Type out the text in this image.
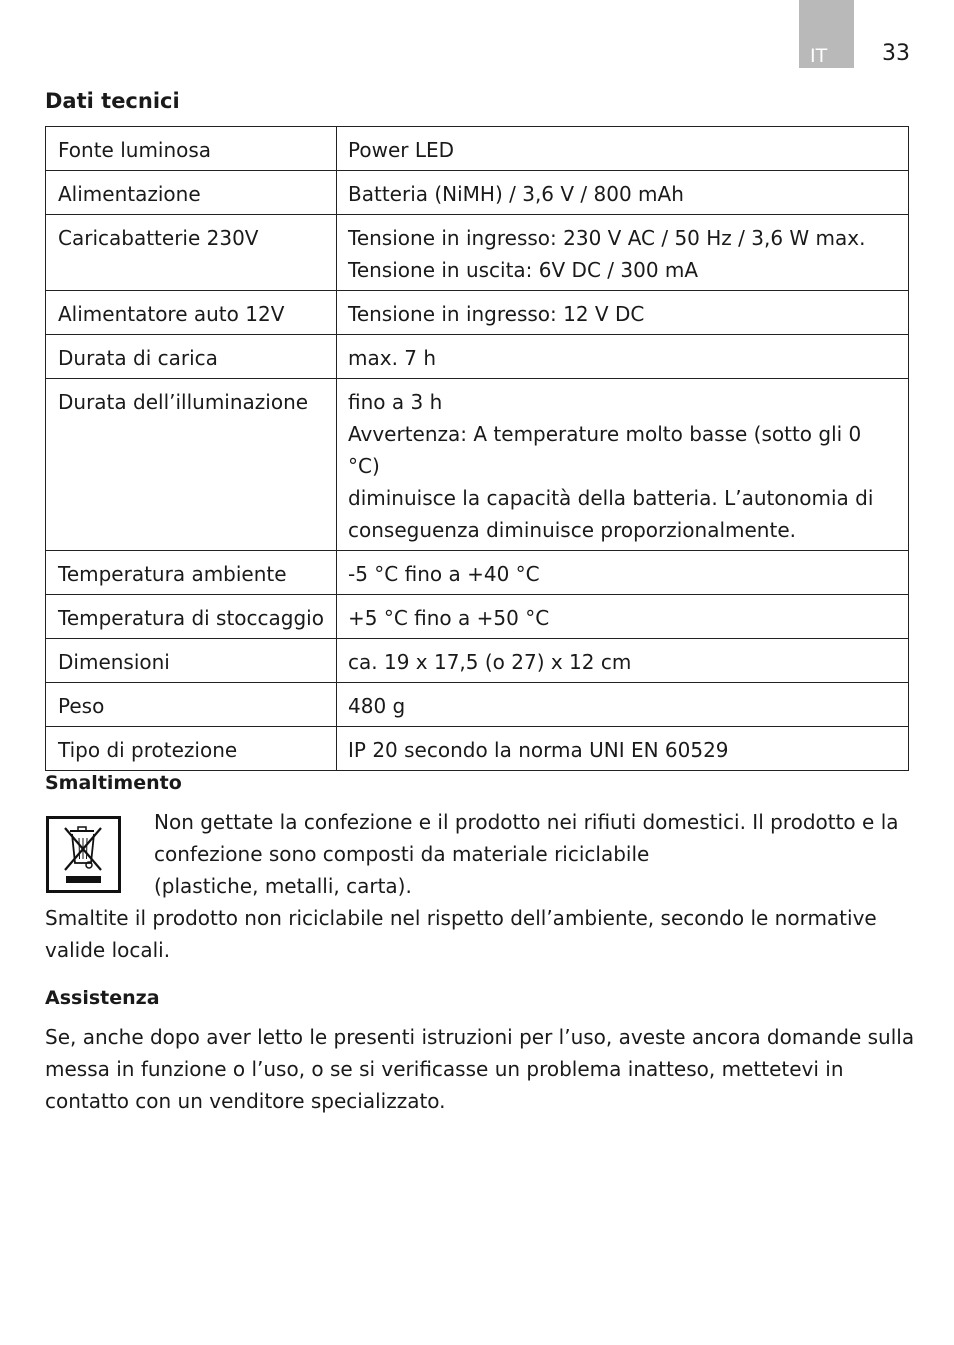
IT	33
Dati tecnici
Fonte luminosa	Power LED

Alimentazione	Batteria (NiMH) / 3,6 V / 800 mAh

Caricabatterie 230V	Tensione in ingresso: 230 V AC / 50 Hz / 3,6 W max.
Tensione in uscita: 6V DC / 300 mA

Alimentatore auto 12V	Tensione in ingresso: 12 V DC

Durata di carica	max. 7 h

Durata dell’illuminazione	fino a 3 h
Avvertenza: A temperature molto basse (sotto gli 0 °C)
diminuisce la capacità della batteria. L’autonomia di
conseguenza diminuisce proporzionalmente.

Temperatura ambiente	-5 °C fino a +40 °C

Temperatura di stoccaggio	+5 °C fino a +50 °C

Dimensioni	ca. 19 x 17,5 (o 27) x 12 cm

Peso	480 g

Tipo di protezione	IP 20 secondo la norma UNI EN 60529
Smaltimento
Non gettate la confezione e il prodotto nei rifiuti domestici. Il prodotto e la
confezione sono composti da materiale riciclabile
(plastiche, metalli, carta).

Smaltite il prodotto non riciclabile nel rispetto dell’ambiente, secondo le normative valide locali.

Assistenza

Se, anche dopo aver letto le presenti istruzioni per l’uso, aveste ancora domande sulla messa in funzione o l’uso, o se si verificasse un problema inatteso, mettetevi in contatto con un venditore specializzato.
